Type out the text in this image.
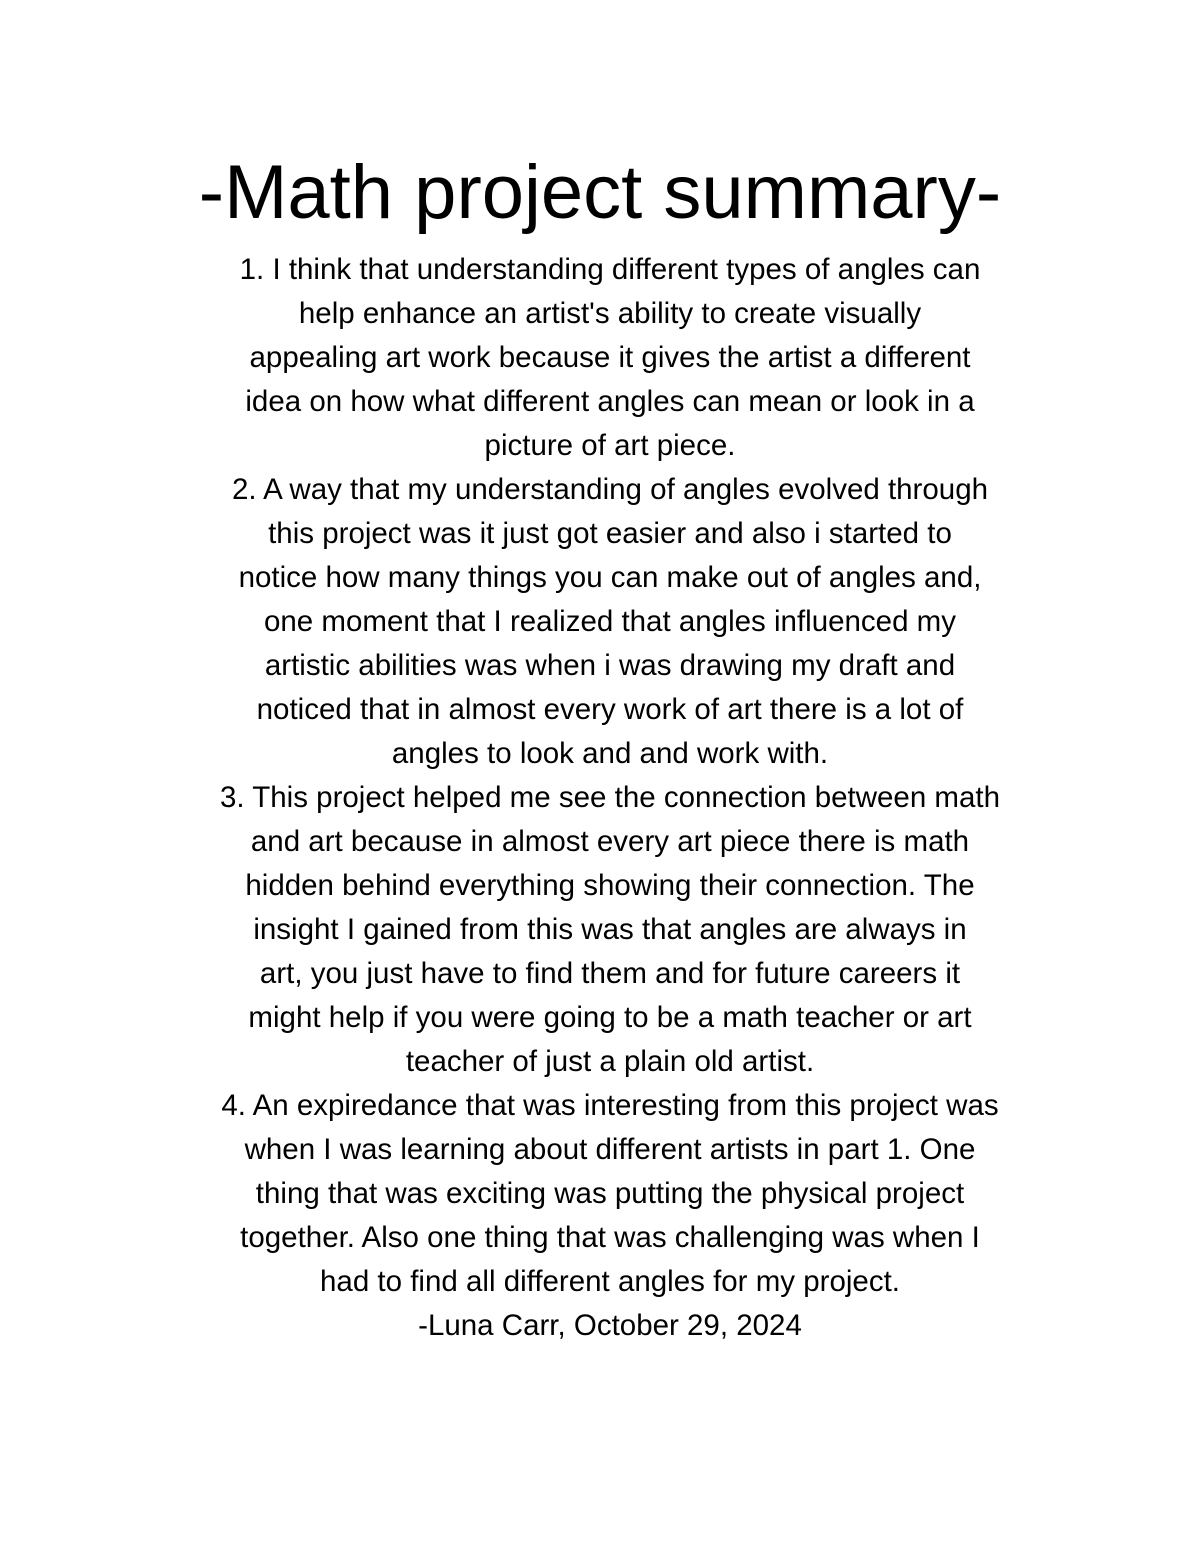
-Math project summary-
1. I think that understanding different types of angles can
help enhance an artist's ability to create visually
appealing art work because it gives the artist a different
idea on how what different angles can mean or look in a
picture of art piece.
2. A way that my understanding of angles evolved through
this project was it just got easier and also i started to
notice how many things you can make out of angles and,
one moment that I realized that angles influenced my
artistic abilities was when i was drawing my draft and
noticed that in almost every work of art there is a lot of
angles to look and and work with.
3. This project helped me see the connection between math
and art because in almost every art piece there is math
hidden behind everything showing their connection. The
insight I gained from this was that angles are always in
art, you just have to find them and for future careers it
might help if you were going to be a math teacher or art
teacher of just a plain old artist.
4. An expiredance that was interesting from this project was
when I was learning about different artists in part 1. One
thing that was exciting was putting the physical project
together. Also one thing that was challenging was when I
had to find all different angles for my project.
-Luna Carr, October 29, 2024
